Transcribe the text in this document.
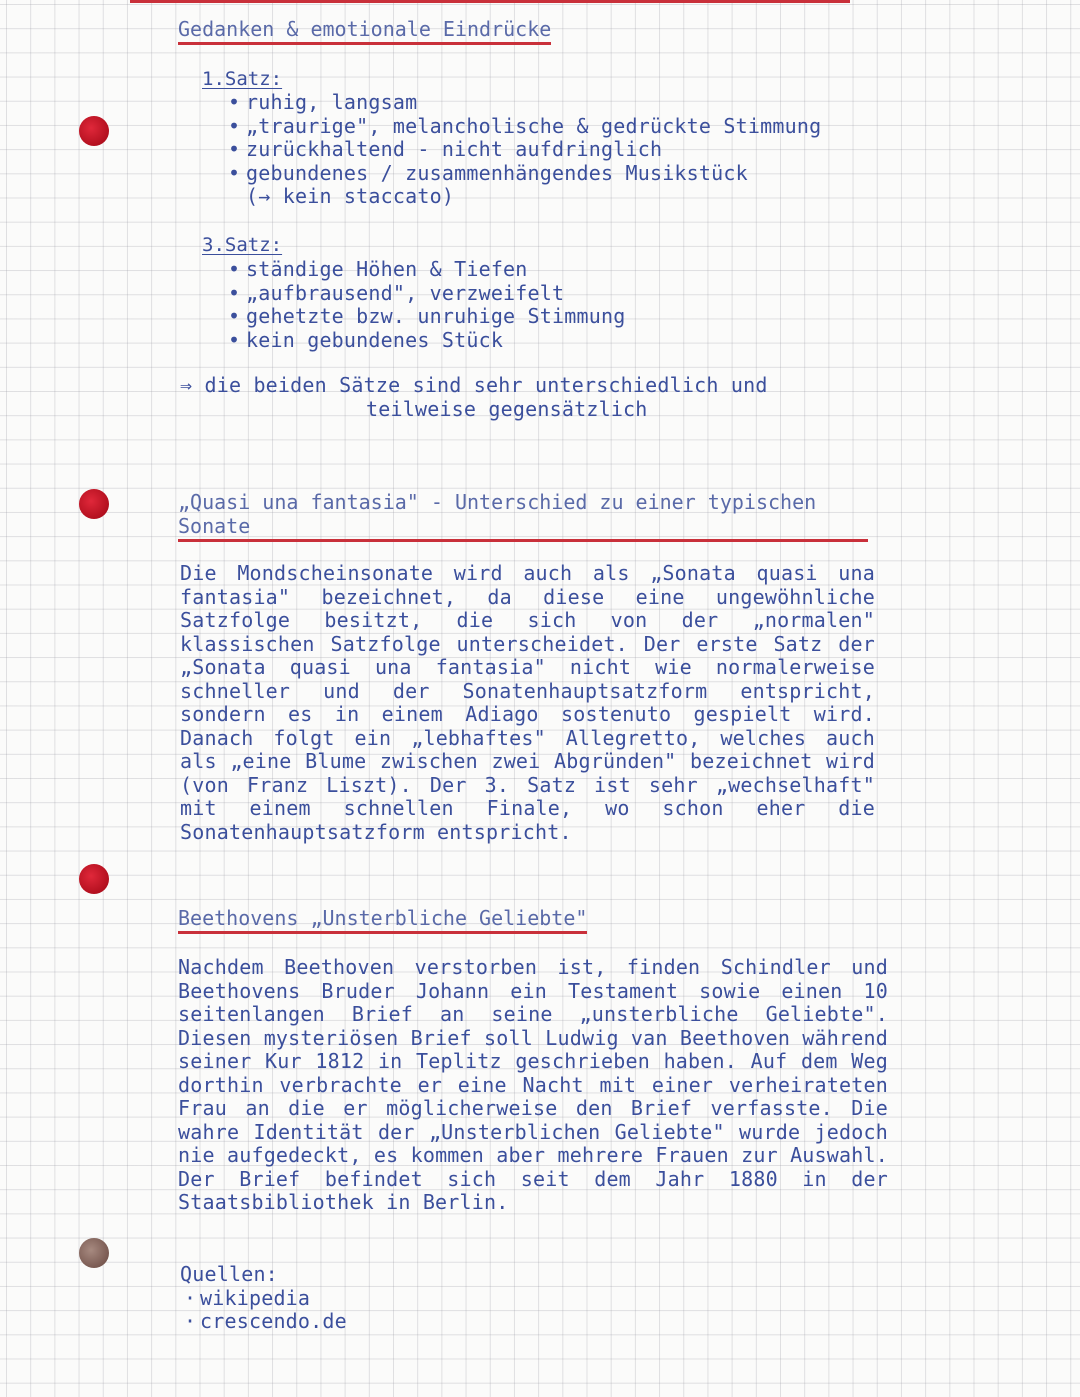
Gedanken & emotionale Eindrücke
1.Satz:
• ruhig, langsam
• „traurige", melancholische & gedrückte Stimmung
• zurückhaltend - nicht aufdringlich
• gebundenes / zusammenhängendes Musikstück
(→ kein staccato)
3.Satz:
• ständige Höhen & Tiefen
• „aufbrausend", verzweifelt
• gehetzte bzw. unruhige Stimmung
• kein gebundenes Stück
⇒ die beiden Sätze sind sehr unterschiedlich und
teilweise gegensätzlich
„Quasi una fantasia" - Unterschied zu einer typischen Sonate
Die Mondscheinsonate wird auch als „Sonata quasi una fantasia" bezeichnet, da diese eine ungewöhnliche Satzfolge besitzt, die sich von der „normalen" klassischen Satzfolge unterscheidet. Der erste Satz der „Sonata quasi una fantasia" nicht wie normalerweise schneller und der Sonatenhauptsatzform entspricht, sondern es in einem Adiago sostenuto gespielt wird. Danach folgt ein „lebhaftes" Allegretto, welches auch als „eine Blume zwischen zwei Abgründen" bezeichnet wird (von Franz Liszt). Der 3. Satz ist sehr „wechselhaft" mit einem schnellen Finale, wo schon eher die Sonatenhauptsatzform entspricht.
Beethovens „Unsterbliche Geliebte"
Nachdem Beethoven verstorben ist, finden Schindler und Beethovens Bruder Johann ein Testament sowie einen 10 seitenlangen Brief an seine „unsterbliche Geliebte". Diesen mysteriösen Brief soll Ludwig van Beethoven während seiner Kur 1812 in Teplitz geschrieben haben. Auf dem Weg dorthin verbrachte er eine Nacht mit einer verheirateten Frau an die er möglicherweise den Brief verfasste. Die wahre Identität der „Unsterblichen Geliebte" wurde jedoch nie aufgedeckt, es kommen aber mehrere Frauen zur Auswahl. Der Brief befindet sich seit dem Jahr 1880 in der Staatsbibliothek in Berlin.
Quellen:
· wikipedia
· crescendo.de
